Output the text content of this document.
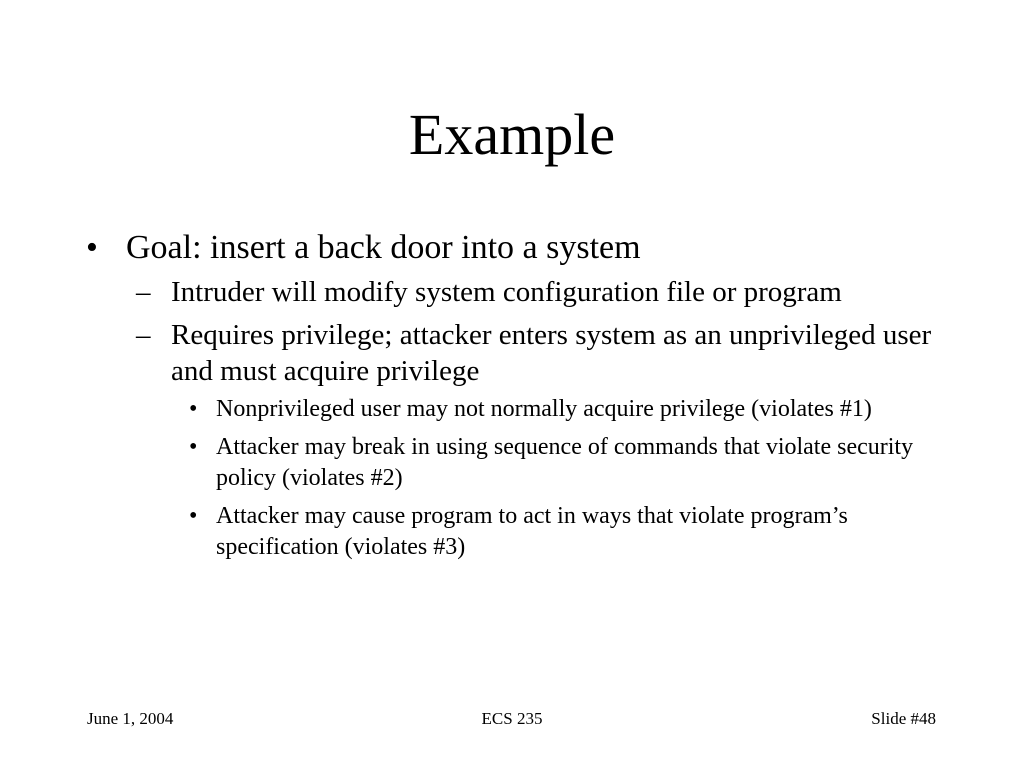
Example
• Goal: insert a back door into a system
– Intruder will modify system configuration file or program
– Requires privilege; attacker enters system as an unprivileged user and must acquire privilege
• Nonprivileged user may not normally acquire privilege (violates #1)
• Attacker may break in using sequence of commands that violate security policy (violates #2)
• Attacker may cause program to act in ways that violate program’s specification (violates #3)
June 1, 2004	ECS 235	Slide #48
